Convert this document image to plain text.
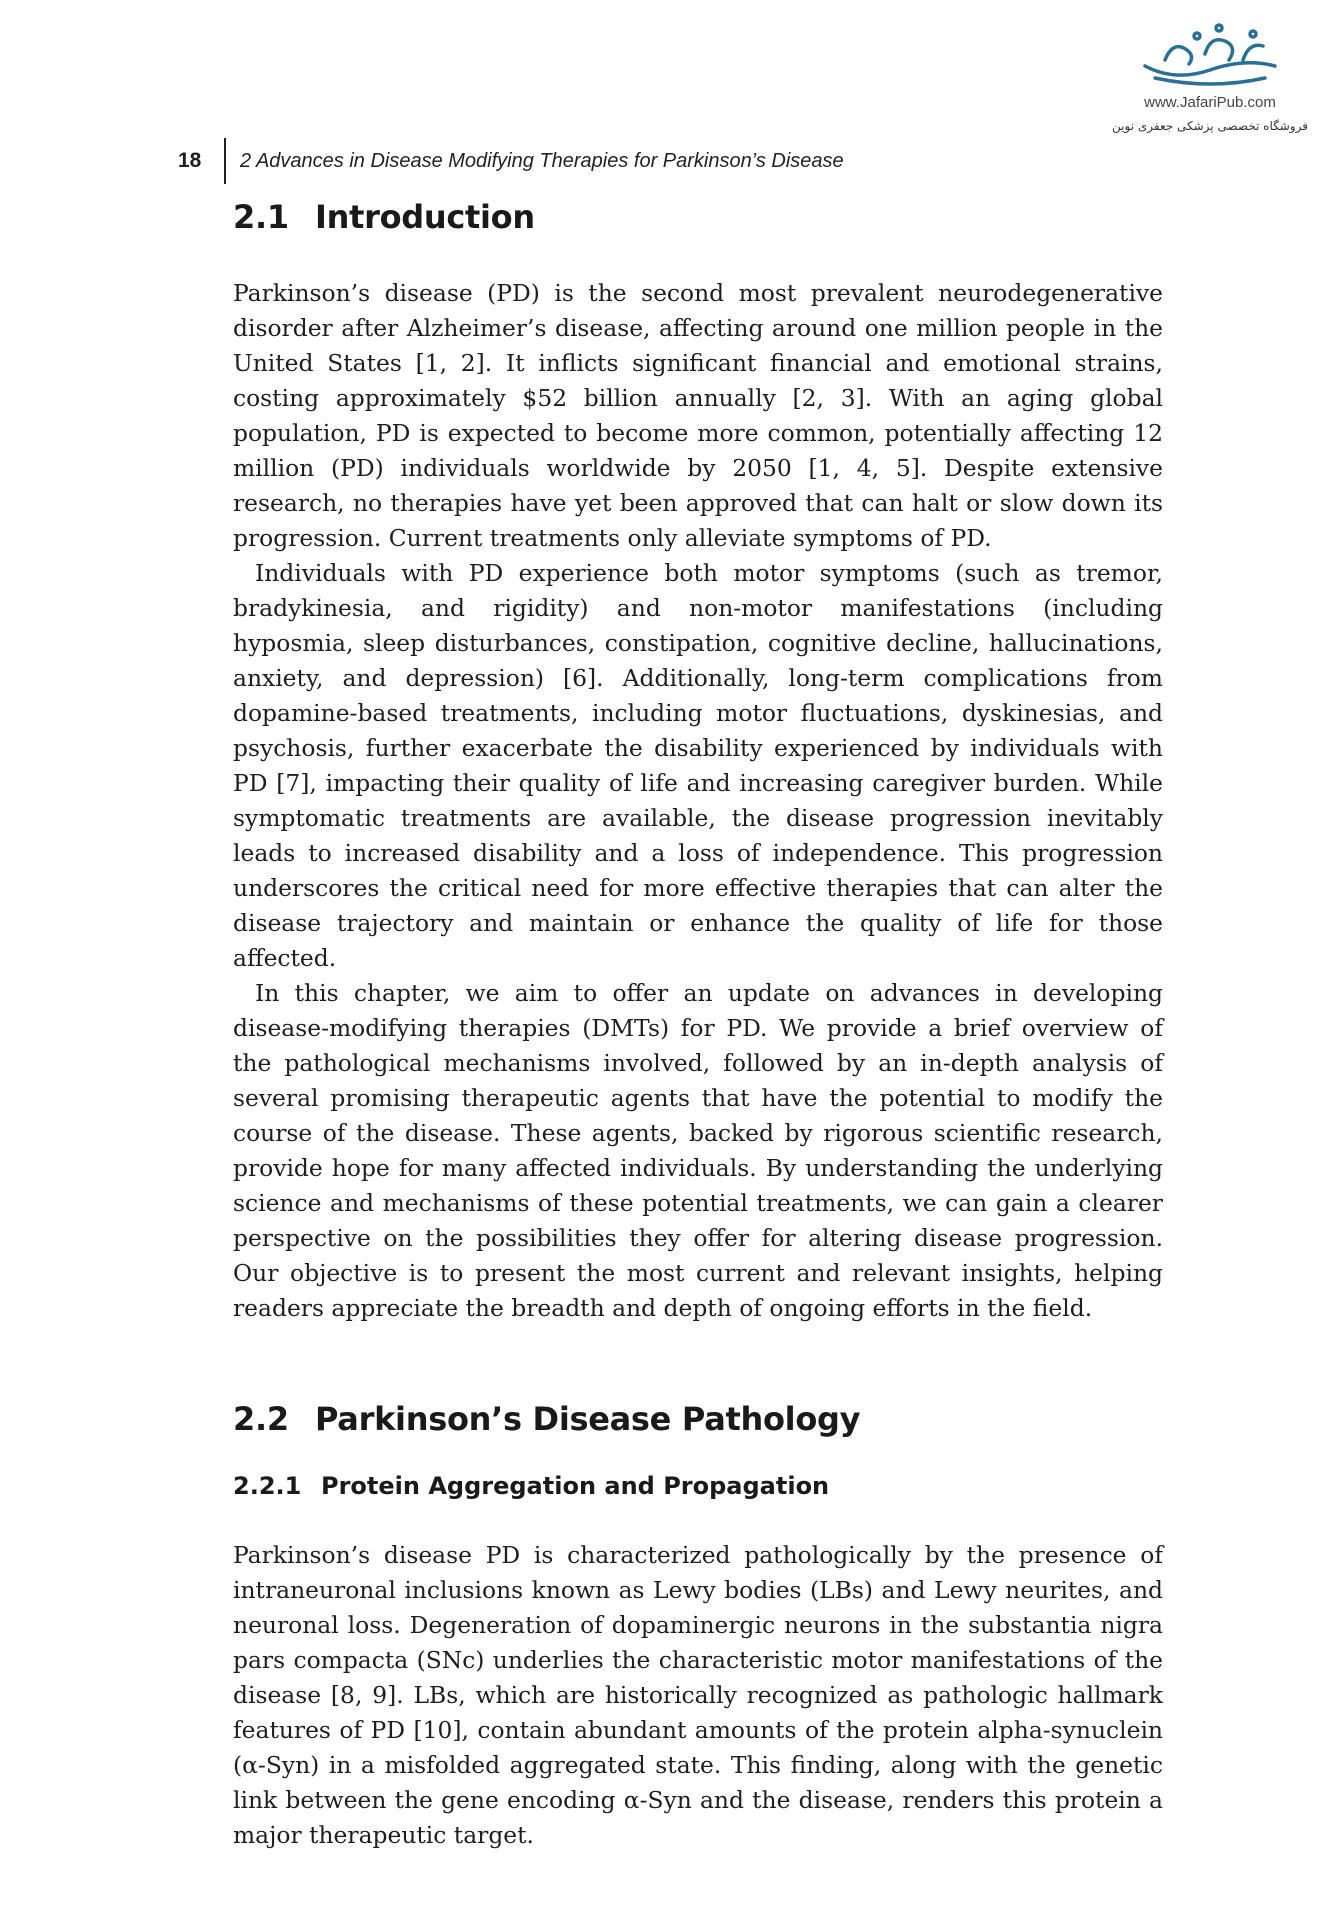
www.JafariPub.com
فروشگاه تخصصی پزشکی جعفری نوین
18	2 Advances in Disease Modifying Therapies for Parkinson’s Disease
2.1 Introduction

Parkinson’s disease (PD) is the second most prevalent neurodegenerative disorder after Alzheimer’s disease, affecting around one million people in the United States [1, 2]. It inflicts significant financial and emotional strains, costing approximately $52 billion annually [2, 3]. With an aging global population, PD is expected to become more common, potentially affecting 12 million (PD) individuals worldwide by 2050 [1, 4, 5]. Despite extensive research, no therapies have yet been approved that can halt or slow down its progression. Current treatments only alleviate symptoms of PD.

Individuals with PD experience both motor symptoms (such as tremor, bradykinesia, and rigidity) and non-motor manifestations (including hyposmia, sleep disturbances, constipation, cognitive decline, hallucinations, anxiety, and depression) [6]. Additionally, long-term complications from dopamine-based treatments, including motor fluctuations, dyskinesias, and psychosis, further exacerbate the disability experienced by individuals with PD [7], impacting their quality of life and increasing caregiver burden. While symptomatic treatments are available, the disease progression inevitably leads to increased disability and a loss of independence. This progression underscores the critical need for more effective therapies that can alter the disease trajectory and maintain or enhance the quality of life for those affected.

In this chapter, we aim to offer an update on advances in developing disease-modifying therapies (DMTs) for PD. We provide a brief overview of the pathological mechanisms involved, followed by an in-depth analysis of several promising therapeutic agents that have the potential to modify the course of the disease. These agents, backed by rigorous scientific research, provide hope for many affected individuals. By understanding the underlying science and mechanisms of these potential treatments, we can gain a clearer perspective on the possibilities they offer for altering disease progression. Our objective is to present the most current and relevant insights, helping readers appreciate the breadth and depth of ongoing efforts in the field.

2.2 Parkinson’s Disease Pathology
2.2.1 Protein Aggregation and Propagation

Parkinson’s disease PD is characterized pathologically by the presence of intraneuronal inclusions known as Lewy bodies (LBs) and Lewy neurites, and neuronal loss. Degeneration of dopaminergic neurons in the substantia nigra pars compacta (SNc) underlies the characteristic motor manifestations of the disease [8, 9]. LBs, which are historically recognized as pathologic hallmark features of PD [10], contain abundant amounts of the protein alpha-synuclein (α-Syn) in a misfolded aggregated state. This finding, along with the genetic link between the gene encoding α-Syn and the disease, renders this protein a major therapeutic target.
